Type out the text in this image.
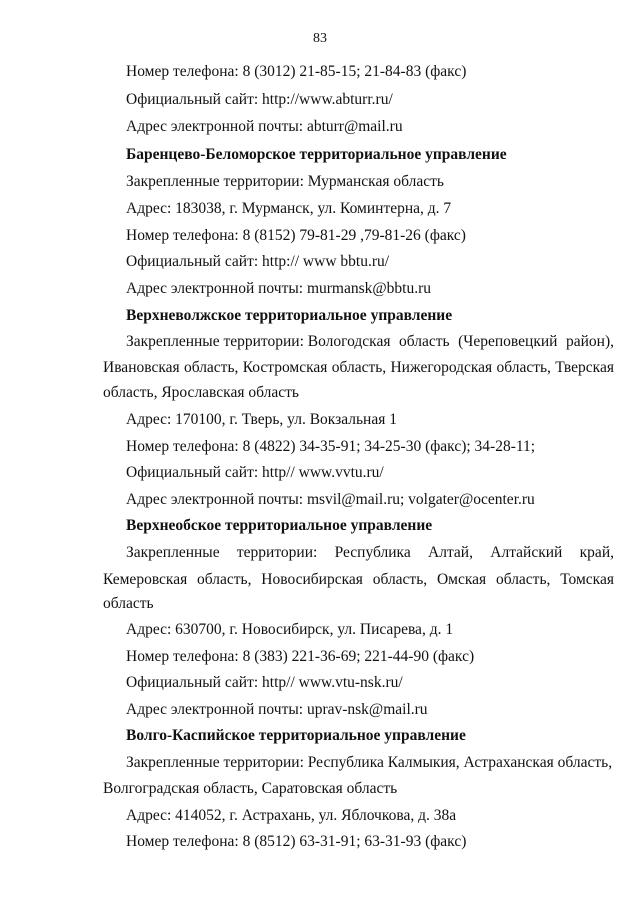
83
Номер телефона: 8 (3012) 21-85-15; 21-84-83 (факс)
Официальный сайт: http://www.abturr.ru/
Адрес электронной почты: abturr@mail.ru
Баренцево-Беломорское территориальное управление
Закрепленные территории: Мурманская область
Адрес: 183038, г. Мурманск, ул. Коминтерна, д. 7
Номер телефона: 8 (8152) 79-81-29 ,79-81-26 (факс)
Официальный сайт: http:// www bbtu.ru/
Адрес электронной почты: murmansk@bbtu.ru
Верхневолжское территориальное управление
Закрепленные территории: Вологодская область (Череповецкий район),
Ивановская область, Костромская область, Нижегородская область, Тверская
область, Ярославская область
Адрес: 170100, г. Тверь, ул. Вокзальная 1
Номер телефона: 8 (4822) 34-35-91; 34-25-30 (факс); 34-28-11;
Официальный сайт: http// www.vvtu.ru/
Адрес электронной почты: msvil@mail.ru; volgater@ocenter.ru
Верхнеобское территориальное управление
Закрепленные территории: Республика Алтай, Алтайский край,
Кемеровская область, Новосибирская область, Омская область, Томская
область
Адрес: 630700, г. Новосибирск, ул. Писарева, д. 1
Номер телефона: 8 (383) 221-36-69; 221-44-90 (факс)
Официальный сайт: http// www.vtu-nsk.ru/
Адрес электронной почты: uprav-nsk@mail.ru
Волго-Каспийское территориальное управление
Закрепленные территории: Республика Калмыкия, Астраханская область,
Волгоградская область, Саратовская область
Адрес: 414052, г. Астрахань, ул. Яблочкова, д. 38а
Номер телефона: 8 (8512) 63-31-91; 63-31-93 (факс)
